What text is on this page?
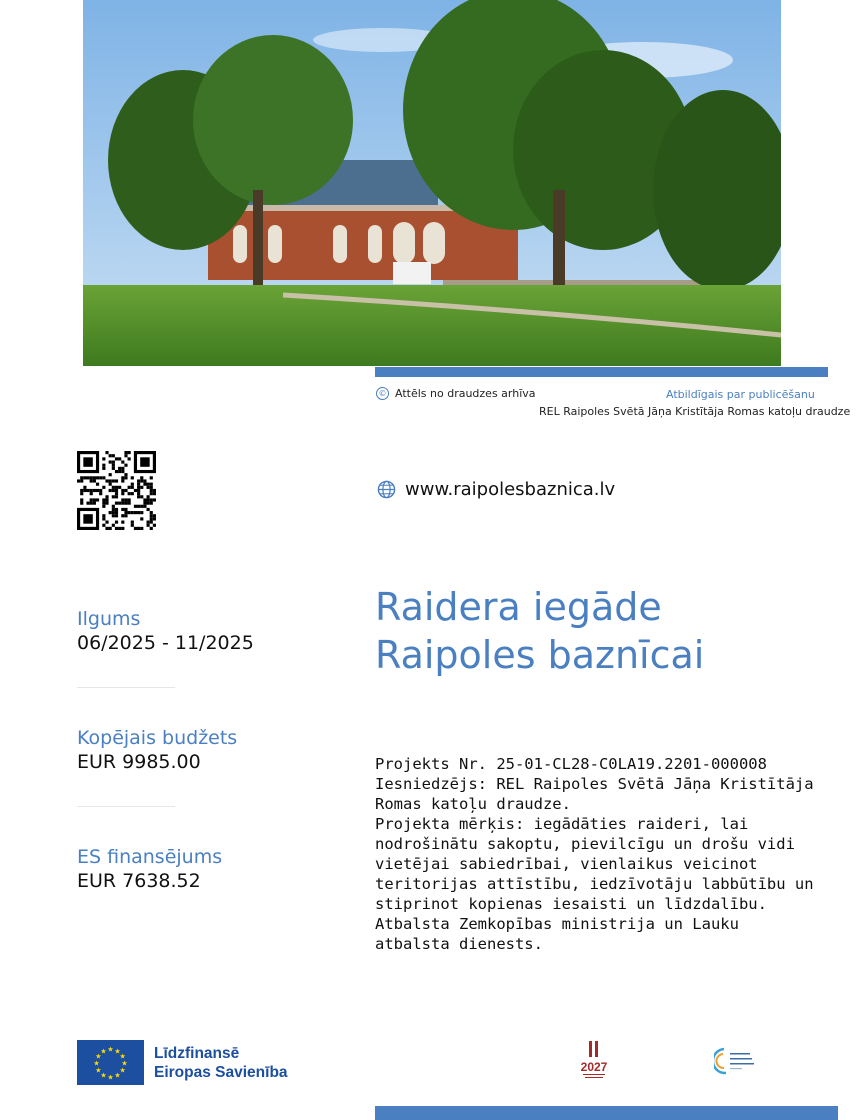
© Attēls no draudzes arhīva	Atbildīgais par publicēšanu
REL Raipoles Svētā Jāņa Kristītāja Romas katoļu draudze
www.raipolesbaznica.lv
Raidera iegāde
Raipoles baznīcai
Ilgums
06/2025 - 11/2025
Kopējais budžets
EUR 9985.00
ES finansējums
EUR 7638.52

Projekts Nr. 25-01-CL28-C0LA19.2201-000008

Iesniedzējs: REL Raipoles Svētā Jāņa Kristītāja Romas katoļu draudze.

Projekta mērķis: iegādāties raideri, lai nodrošinātu sakoptu, pievilcīgu un drošu vidi vietējai sabiedrībai, vienlaikus veicinot teritorijas attīstību, iedzīvotāju labbūtību un stiprinot kopienas iesaisti un līdzdalību.

Atbalsta Zemkopības ministrija un Lauku atbalsta dienests.

★
★
★
★
★
★
★
★
★ ★ ★
★ Līdzfinansē
Eiropas Savienība	2027
